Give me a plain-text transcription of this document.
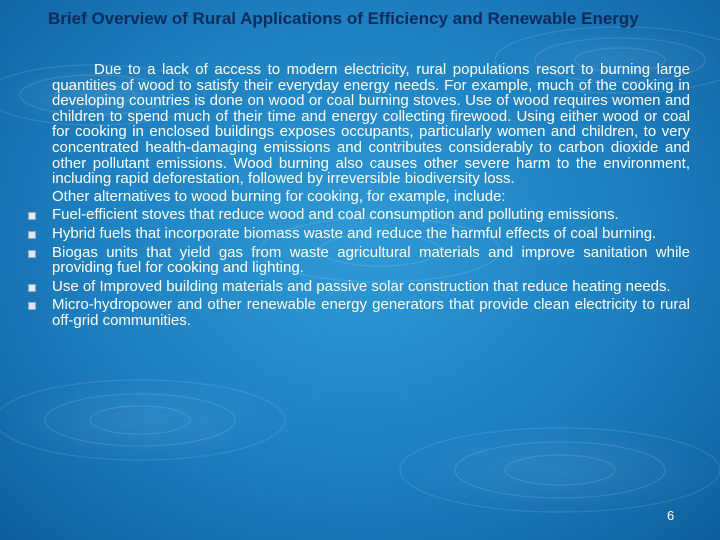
Brief Overview of Rural Applications of Efficiency and Renewable Energy

Due to a lack of access to modern electricity, rural populations resort to burning large quantities of wood to satisfy their everyday energy needs. For example, much of the cooking in developing countries is done on wood or coal burning stoves. Use of wood requires women and children to spend much of their time and energy collecting firewood. Using either wood or coal for cooking in enclosed buildings exposes occupants, particularly women and children, to very concentrated health-damaging emissions and contributes considerably to carbon dioxide and other pollutant emissions. Wood burning also causes other severe harm to the environment, including rapid deforestation, followed by irreversible biodiversity loss.

Other alternatives to wood burning for cooking, for example, include:

Fuel-efficient stoves that reduce wood and coal consumption and polluting emissions.
Hybrid fuels that incorporate biomass waste and reduce the harmful effects of coal burning.
Biogas units that yield gas from waste agricultural materials and improve sanitation while providing fuel for cooking and lighting.
Use of Improved building materials and passive solar construction that reduce heating needs.
Micro-hydropower and other renewable energy generators that provide clean electricity to rural off-grid communities.
6
